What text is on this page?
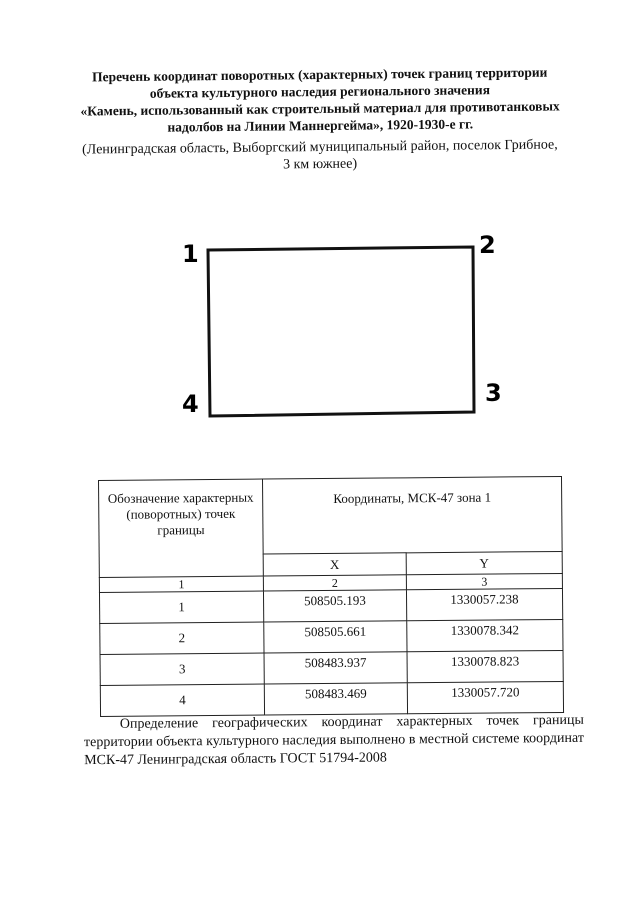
Перечень координат поворотных (характерных) точек границ территории
объекта культурного наследия регионального значения
«Камень, использованный как строительный материал для противотанковых
надолбов на Линии Маннергейма», 1920-1930-е гг.
(Ленинградская область, Выборгский муниципальный район, поселок Грибное,
3 км южнее)
1	2
3
4
Обозначение характерных (поворотных) точек границы	Координаты, МСК-47 зона 1	
	X	Y
1	2	3
1	508505.193	1330057.238
2	508505.661	1330078.342
3	508483.937	1330078.823
4	508483.469	1330057.720
Определение географических координат характерных точек границы
территории объекта культурного наследия выполнено в местной системе координат
МСК-47 Ленинградская область ГОСТ 51794-2008
